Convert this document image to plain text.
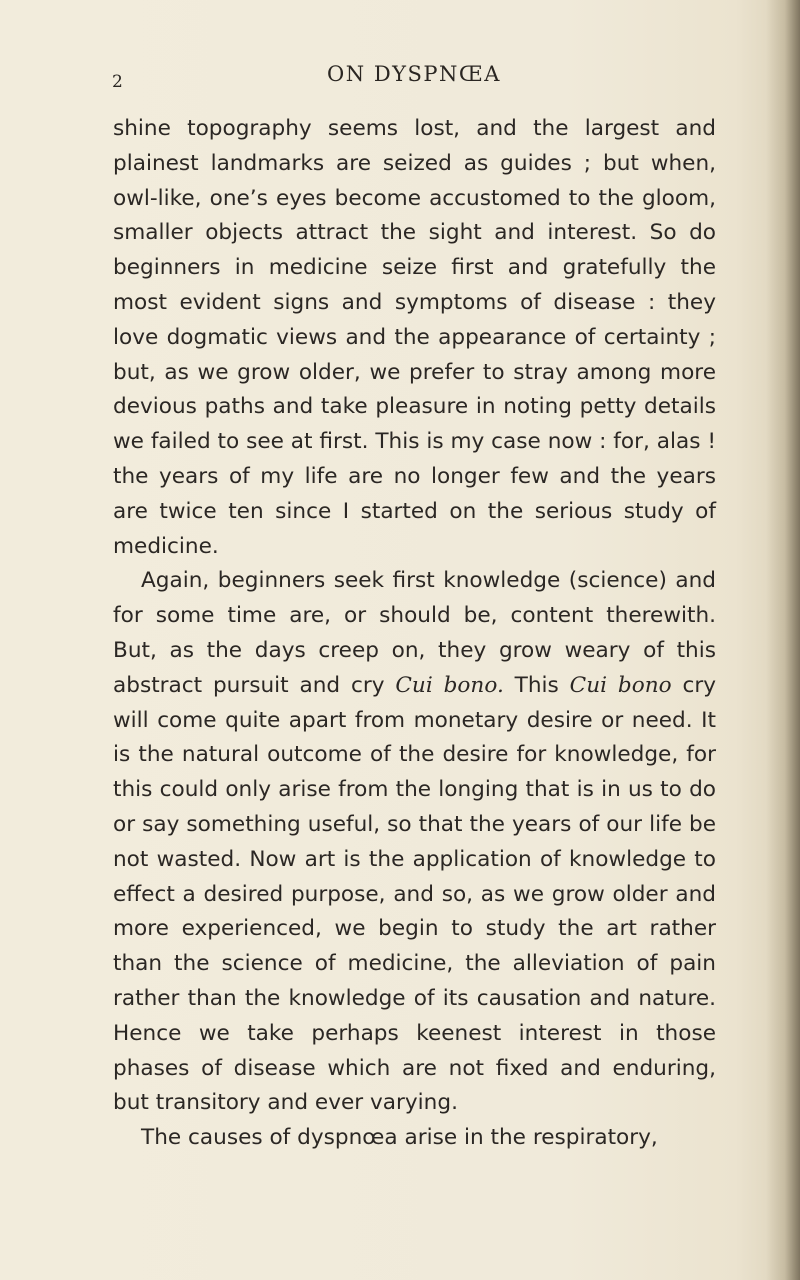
2	ON DYSPNŒA

shine topography seems lost, and the largest and plainest landmarks are seized as guides ; but when, owl-like, one’s eyes become accustomed to the gloom, smaller objects attract the sight and interest. So do beginners in medicine seize first and gratefully the most evident signs and symptoms of disease : they love dogmatic views and the appearance of certainty ; but, as we grow older, we prefer to stray among more devious paths and take pleasure in noting petty details we failed to see at first. This is my case now : for, alas ! the years of my life are no longer few and the years are twice ten since I started on the serious study of medicine.

Again, beginners seek first knowledge (science) and for some time are, or should be, content therewith. But, as the days creep on, they grow weary of this abstract pursuit and cry Cui bono. This Cui bono cry will come quite apart from monetary desire or need. It is the natural outcome of the desire for knowledge, for this could only arise from the longing that is in us to do or say something useful, so that the years of our life be not wasted. Now art is the application of knowledge to effect a desired purpose, and so, as we grow older and more experienced, we begin to study the art rather than the science of medicine, the alleviation of pain rather than the knowledge of its causation and nature. Hence we take perhaps keenest interest in those phases of disease which are not fixed and enduring, but transitory and ever varying.

The causes of dyspnœa arise in the respiratory,
